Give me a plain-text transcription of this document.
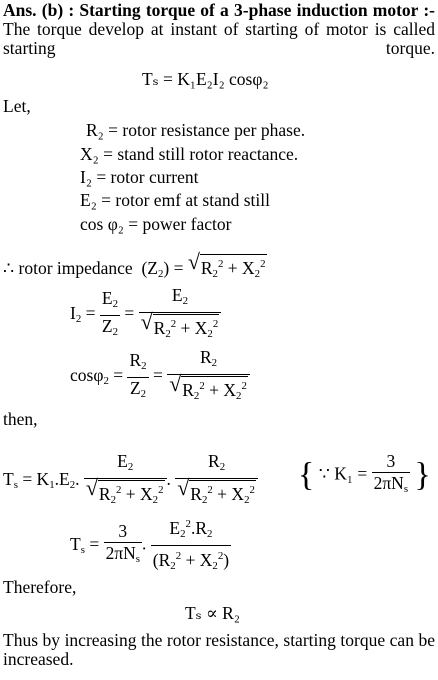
Ans. (b) : Starting torque of a 3-phase induction motor :- The torque develop at instant of starting of motor is called starting torque.
Tₛ = K₁E₂I₂ cosφ₂
Let,
R₂ = rotor resistance per phase.
X₂ = stand still rotor reactance.
I₂ = rotor current
E₂ = rotor emf at stand still
cos φ₂ = power factor
∴ rotor impedance  $(Z_2)$ = √ $R_2^2 + X_2^2$
$I_2 = \frac{E_2}{Z_2} = \frac{E_2}{√ R_2^2 + X_2^2}$
$\cos\varphi_2 = \frac{R_2}{Z_2} = \frac{R_2}{√ R_2^2 + X_2^2}$
then,
$T_s = K_1.E_2$. $\frac{E_2}{√ R_2^2 + X_2^2}$ . $\frac{R_2}{√ R_2^2 + X_2^2}$ { ∵ $K_1 = \frac{3}{2\pi N_s}$ }
$T_s = \frac{3}{2\pi N_s}$ . $\frac{E_2^2.R_2}{(R_2^2 + X_2^2)}$
Therefore,
Tₛ ∝ R₂
Thus by increasing the rotor resistance, starting torque can be increased.
